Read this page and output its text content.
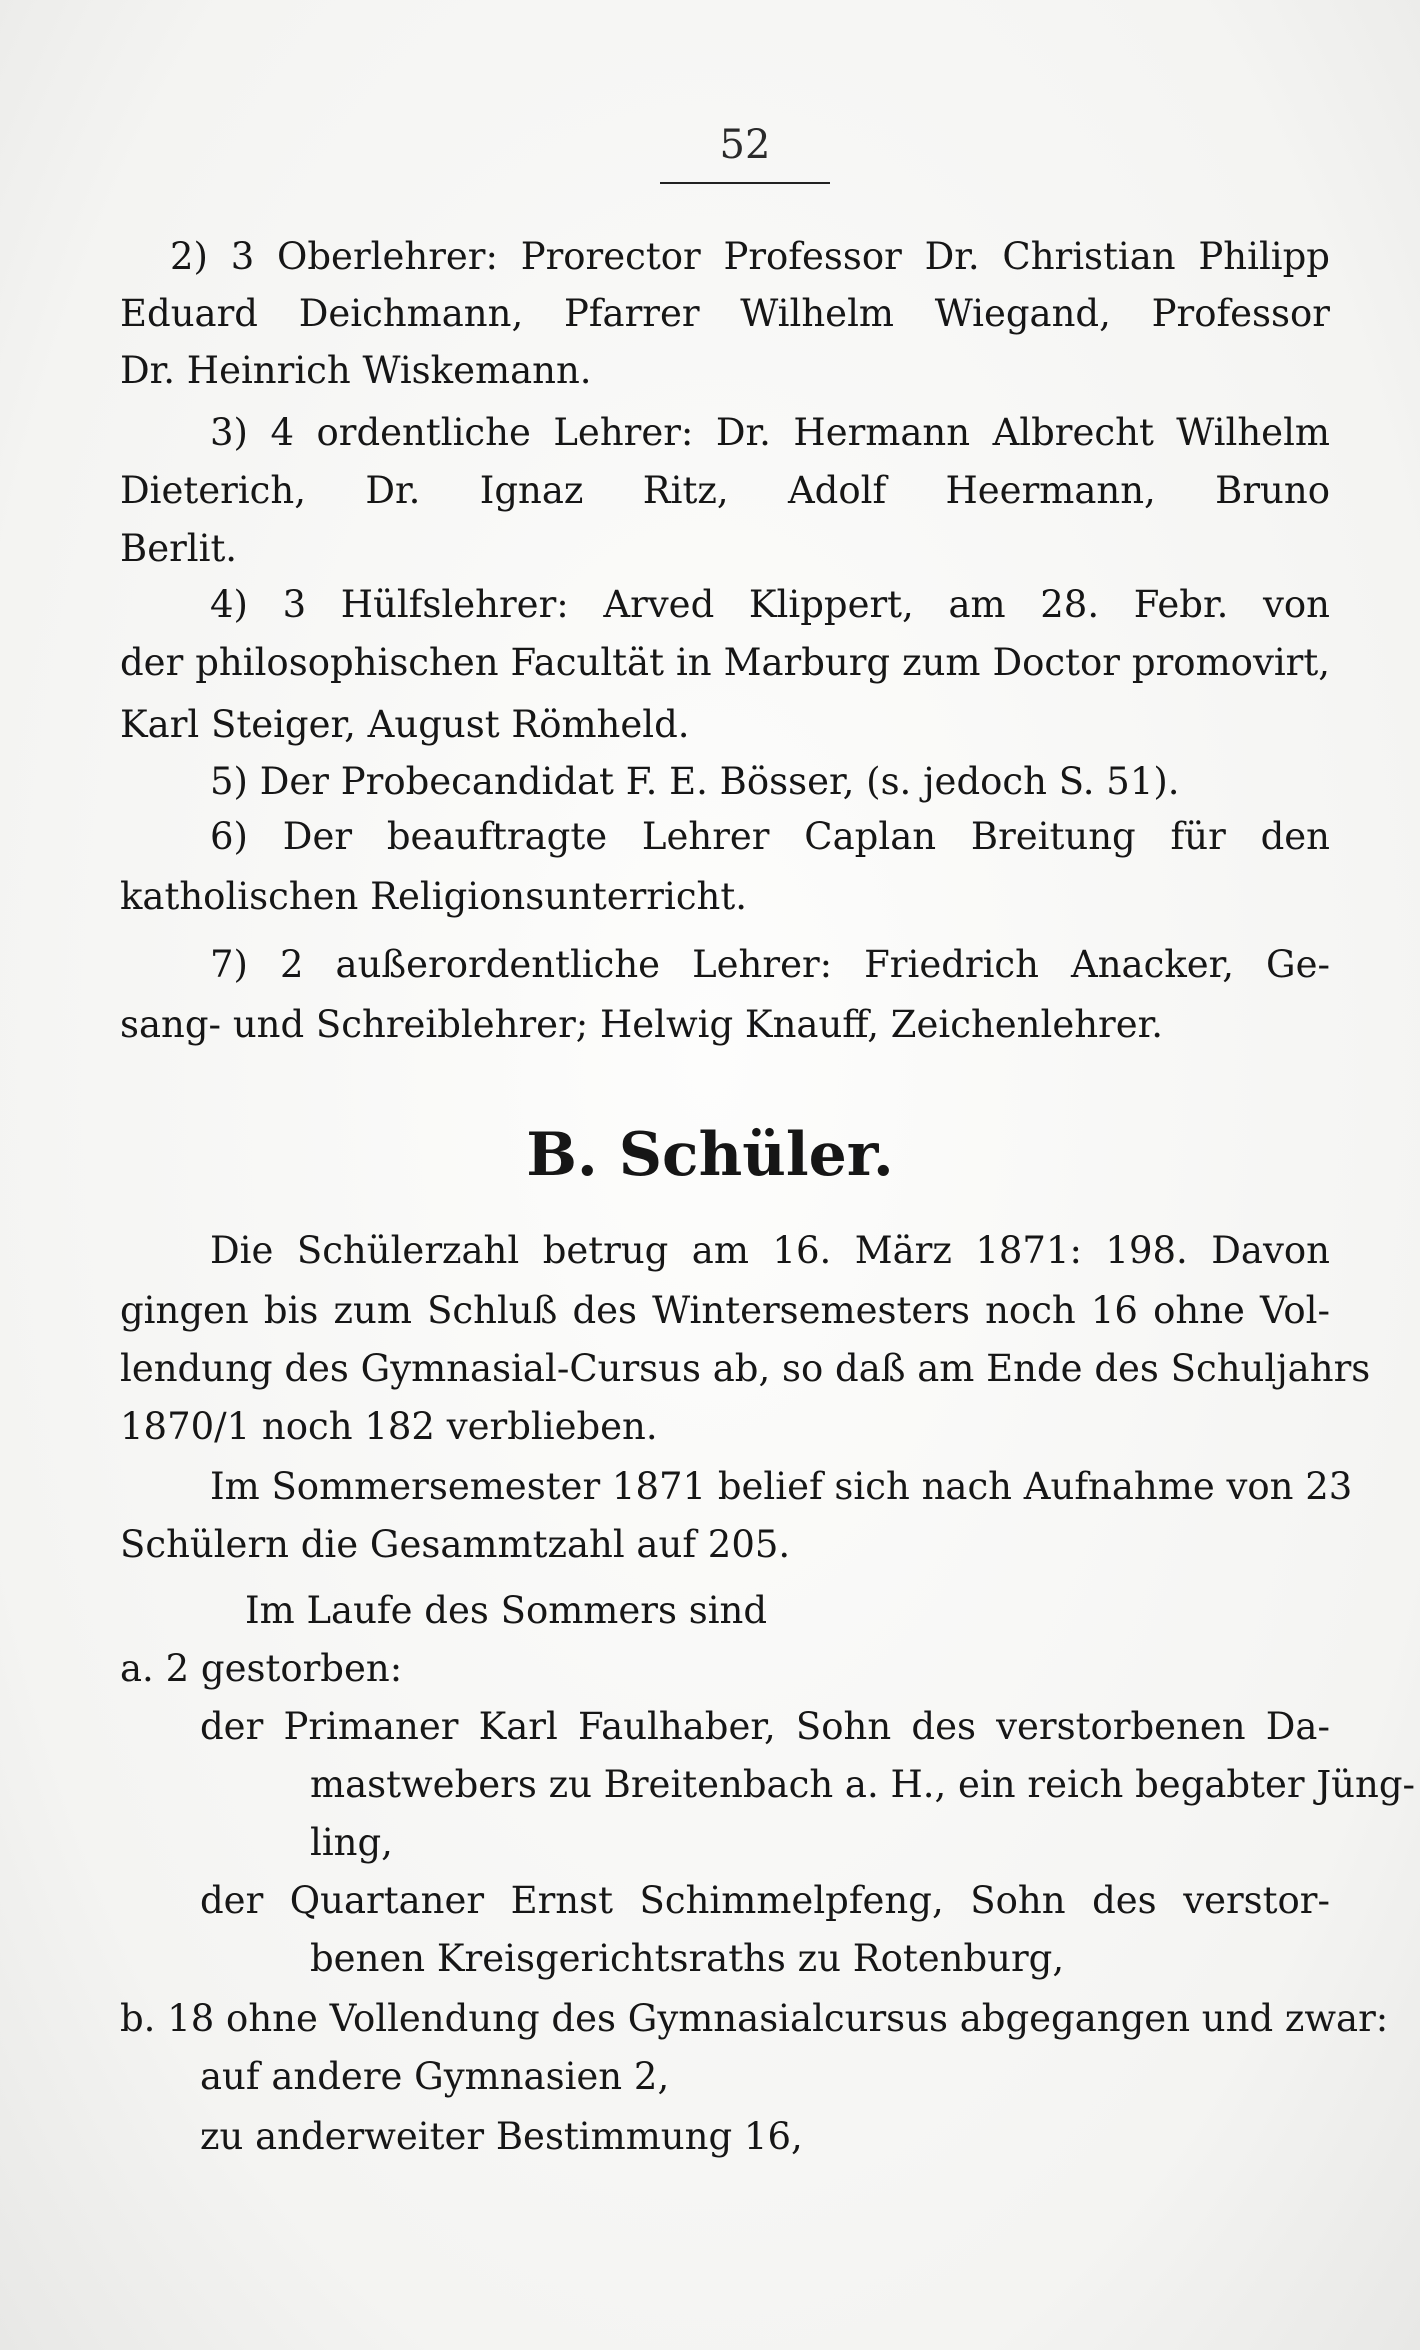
52
2) 3 Oberlehrer: Prorector Professor Dr. Christian Philipp
Eduard Deichmann, Pfarrer Wilhelm Wiegand, Professor
Dr. Heinrich Wiskemann.
3) 4 ordentliche Lehrer: Dr. Hermann Albrecht Wilhelm
Dieterich, Dr. Ignaz Ritz, Adolf Heermann, Bruno
Berlit.
4) 3 Hülfslehrer: Arved Klippert, am 28. Febr. von
der philosophischen Facultät in Marburg zum Doctor promovirt,
Karl Steiger, August Römheld.
5) Der Probecandidat F. E. Bösser, (s. jedoch S. 51).
6) Der beauftragte Lehrer Caplan Breitung für den
katholischen Religionsunterricht.
7) 2 außerordentliche Lehrer: Friedrich Anacker, Ge-
sang- und Schreiblehrer; Helwig Knauff, Zeichenlehrer.
B. Schüler.
Die Schülerzahl betrug am 16. März 1871: 198. Davon
gingen bis zum Schluß des Wintersemesters noch 16 ohne Vol-
lendung des Gymnasial-Cursus ab, so daß am Ende des Schuljahrs
1870/1 noch 182 verblieben.
Im Sommersemester 1871 belief sich nach Aufnahme von 23
Schülern die Gesammtzahl auf 205.
Im Laufe des Sommers sind
a. 2 gestorben:
der Primaner Karl Faulhaber, Sohn des verstorbenen Da-
mastwebers zu Breitenbach a. H., ein reich begabter Jüng-
ling,
der Quartaner Ernst Schimmelpfeng, Sohn des verstor-
benen Kreisgerichtsraths zu Rotenburg,
b. 18 ohne Vollendung des Gymnasialcursus abgegangen und zwar:
auf andere Gymnasien 2,
zu anderweiter Bestimmung 16,
